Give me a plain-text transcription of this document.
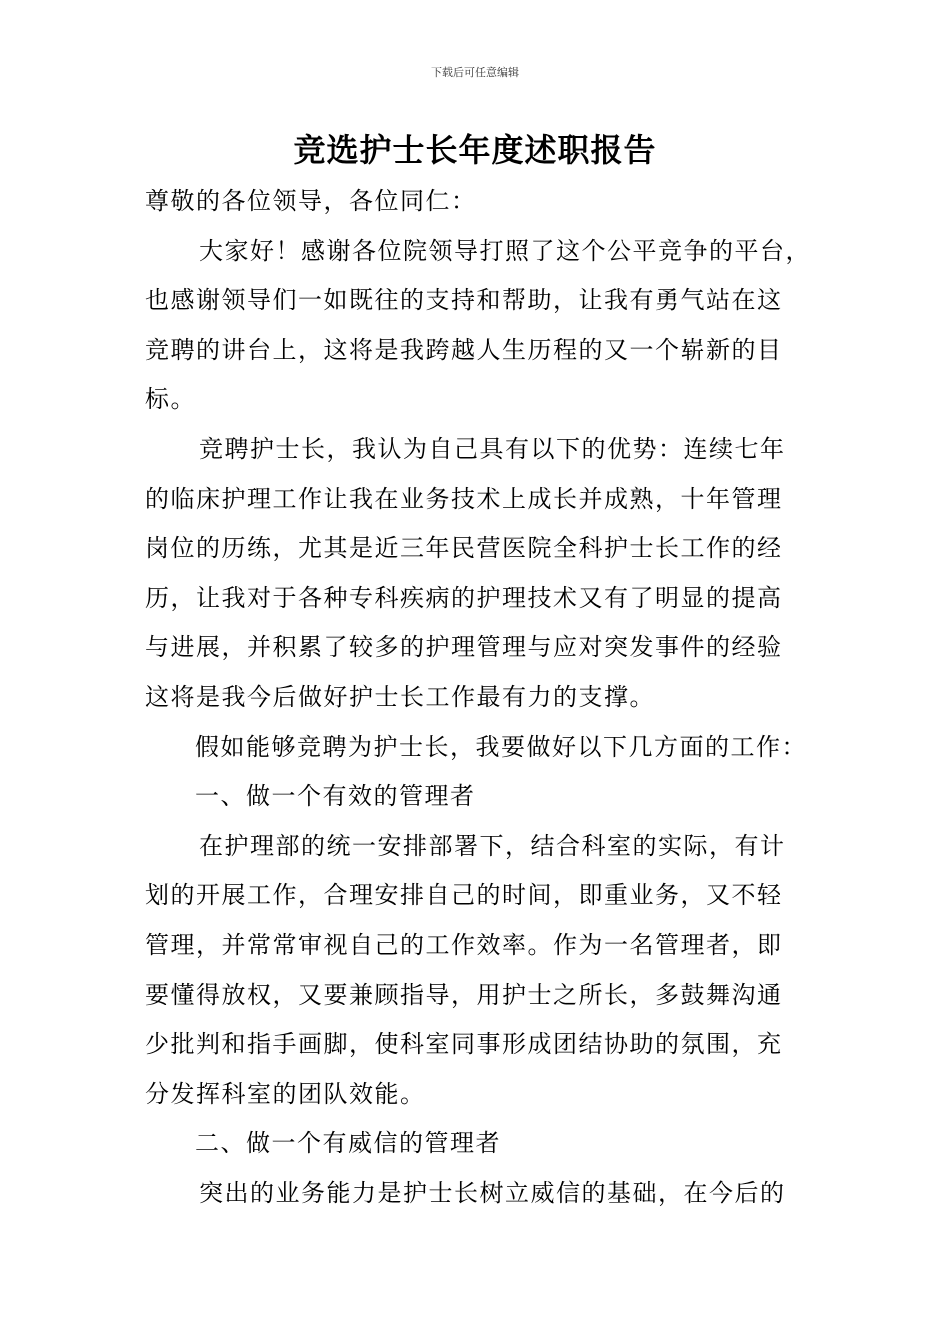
下载后可任意编辑
竞选护士长年度述职报告

尊敬的各位领导，各位同仁：

大家好！感谢各位院领导打照了这个公平竞争的平台，

也感谢领导们一如既往的支持和帮助，让我有勇气站在这

竞聘的讲台上，这将是我跨越人生历程的又一个崭新的目

标。

竞聘护士长，我认为自己具有以下的优势：连续七年

的临床护理工作让我在业务技术上成长并成熟，十年管理

岗位的历练，尤其是近三年民营医院全科护士长工作的经

历，让我对于各种专科疾病的护理技术又有了明显的提高

与进展，并积累了较多的护理管理与应对突发事件的经验

这将是我今后做好护士长工作最有力的支撑。

假如能够竞聘为护士长，我要做好以下几方面的工作：

一、做一个有效的管理者

在护理部的统一安排部署下，结合科室的实际，有计

划的开展工作，合理安排自己的时间，即重业务，又不轻

管理，并常常审视自己的工作效率。作为一名管理者，即

要懂得放权，又要兼顾指导，用护士之所长，多鼓舞沟通

少批判和指手画脚，使科室同事形成团结协助的氛围，充

分发挥科室的团队效能。

二、做一个有威信的管理者

突出的业务能力是护士长树立威信的基础，在今后的
